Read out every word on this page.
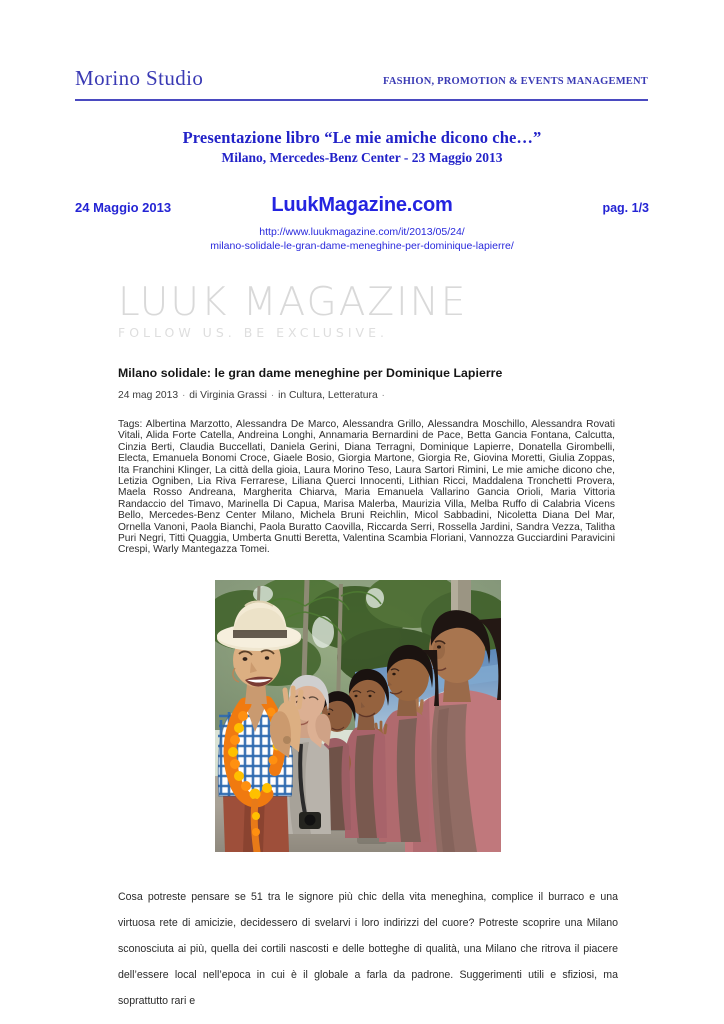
Morino Studio	FASHION, PROMOTION & EVENTS MANAGEMENT
Presentazione libro “Le mie amiche dicono che…”
Milano, Mercedes-Benz Center - 23 Maggio 2013
24 Maggio 2013	LuukMagazine.com	pag. 1/3
http://www.luukmagazine.com/it/2013/05/24/
milano-solidale-le-gran-dame-meneghine-per-dominique-lapierre/
LUUK MAGAZINE
FOLLOW US. BE EXCLUSIVE.
Milano solidale: le gran dame meneghine per Dominique Lapierre
24 mag 2013 · di Virginia Grassi · in Cultura, Letteratura ·
Tags: Albertina Marzotto, Alessandra De Marco, Alessandra Grillo, Alessandra Moschillo, Alessandra Rovati Vitali, Alida Forte Catella, Andreina Longhi, Annamaria Bernardini de Pace, Betta Gancia Fontana, Calcutta, Cinzia Berti, Claudia Buccellati, Daniela Gerini, Diana Terragni, Dominique Lapierre, Donatella Girombelli, Electa, Emanuela Bonomi Croce, Giaele Bosio, Giorgia Martone, Giorgia Re, Giovina Moretti, Giulia Zoppas, Ita Franchini Klinger, La città della gioia, Laura Morino Teso, Laura Sartori Rimini, Le mie amiche dicono che, Letizia Ogniben, Lia Riva Ferrarese, Liliana Querci Innocenti, Lithian Ricci, Maddalena Tronchetti Provera, Maela Rosso Andreana, Margherita Chiarva, Maria Emanuela Vallarino Gancia Orioli, Maria Vittoria Randaccio del Timavo, Marinella Di Capua, Marisa Malerba, Maurizia Villa, Melba Ruffo di Calabria Vicens Bello, Mercedes-Benz Center Milano, Michela Bruni Reichlin, Micol Sabbadini, Nicoletta Diana Del Mar, Ornella Vanoni, Paola Bianchi, Paola Buratto Caovilla, Riccarda Serri, Rossella Jardini, Sandra Vezza, Talitha Puri Negri, Titti Quaggia, Umberta Gnutti Beretta, Valentina Scambia Floriani, Vannozza Gucciardini Paravicini Crespi, Warly Mantegazza Tomei.
Cosa potreste pensare se 51 tra le signore più chic della vita meneghina, complice il burraco e una virtuosa rete di amicizie, decidessero di svelarvi i loro indirizzi del cuore? Potreste scoprire una Milano sconosciuta ai più, quella dei cortili nascosti e delle botteghe di qualità, una Milano che ritrova il piacere dell’essere local nell’epoca in cui è il globale a farla da padrone. Suggerimenti utili e sfiziosi, ma soprattutto rari e
